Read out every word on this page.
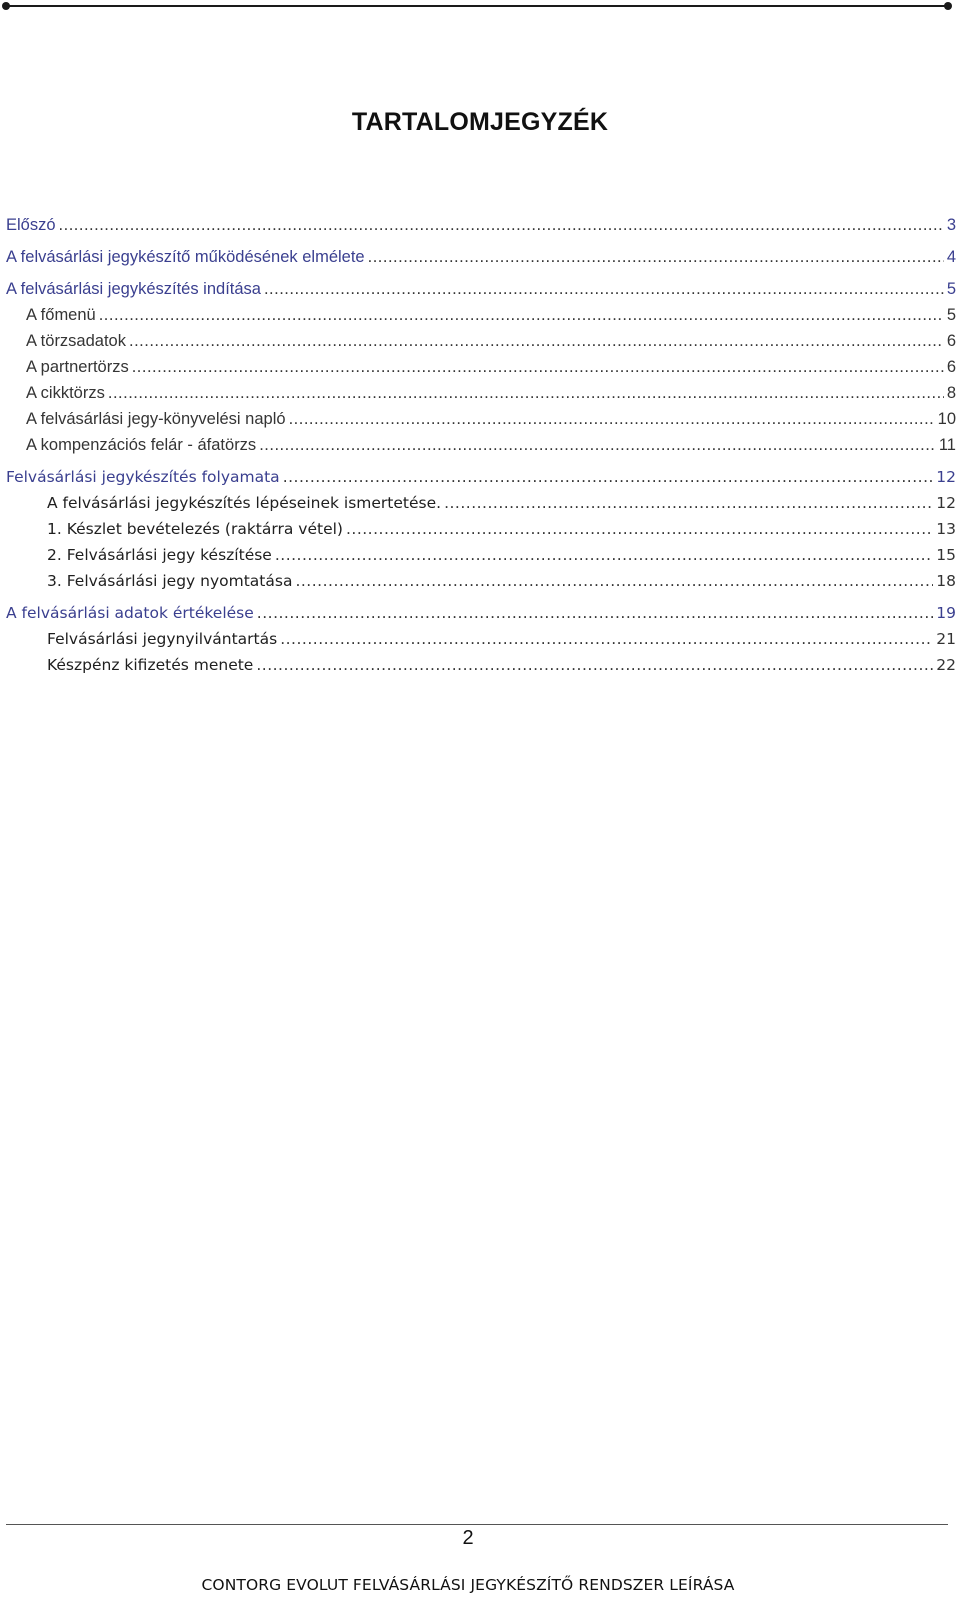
TARTALOMJEGYZÉK
Előszó .....	3
A felvásárlási jegykészítő működésének elmélete .....	4
A felvásárlási jegykészítés indítása .....	5
A főmenü .....	5
A törzsadatok .....	6
A partnertörzs .....	6
A cikktörzs .....	8
A felvásárlási jegy-könyvelési napló .....	10
A kompenzációs felár - áfatörzs .....	11
Felvásárlási jegykészítés folyamata .....	12
A felvásárlási jegykészítés lépéseinek ismertetése. .....	12
1. Készlet bevételezés (raktárra vétel) .....	13
2. Felvásárlási jegy készítése .....	15
3. Felvásárlási jegy nyomtatása .....	18
A felvásárlási adatok értékelése .....	19
Felvásárlási jegynyilvántartás .....	21
Készpénz kifizetés menete .....	22
2
CONTORG EVOLUT FELVÁSÁRLÁSI JEGYKÉSZÍTŐ RENDSZER LEÍRÁSA
